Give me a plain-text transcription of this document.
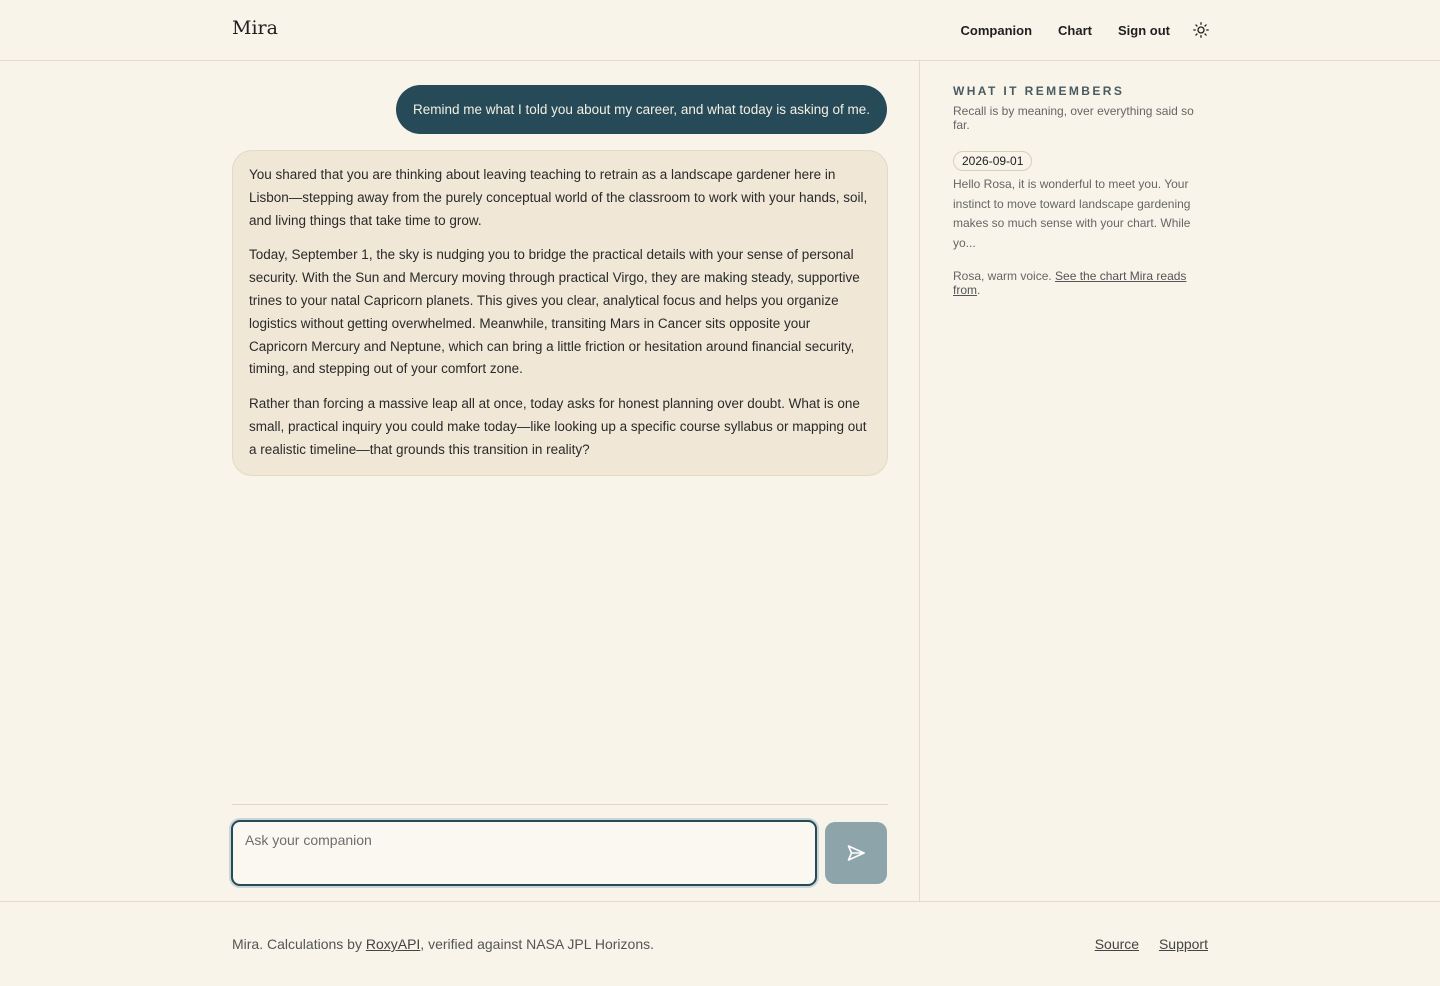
Mira	Companion Chart Sign out
Remind me what I told you about my career, and what today is asking of me.

You shared that you are thinking about leaving teaching to retrain as a landscape gardener here in Lisbon—stepping away from the purely conceptual world of the classroom to work with your hands, soil, and living things that take time to grow.

Today, September 1, the sky is nudging you to bridge the practical details with your sense of personal security. With the Sun and Mercury moving through practical Virgo, they are making steady, supportive trines to your natal Capricorn planets. This gives you clear, analytical focus and helps you organize logistics without getting overwhelmed. Meanwhile, transiting Mars in Cancer sits opposite your Capricorn Mercury and Neptune, which can bring a little friction or hesitation around financial security, timing, and stepping out of your comfort zone.

Rather than forcing a massive leap all at once, today asks for honest planning over doubt. What is one small, practical inquiry you could make today—like looking up a specific course syllabus or mapping out a realistic timeline—that grounds this transition in reality?

Ask your companion
WHAT IT REMEMBERS
Recall is by meaning, over everything said so far.
2026-09-01
Hello Rosa, it is wonderful to meet you. Your instinct to move toward landscape gardening makes so much sense with your chart. While yo...
Rosa, warm voice. See the chart Mira reads from.
Mira. Calculations by RoxyAPI, verified against NASA JPL Horizons.	Source Support
